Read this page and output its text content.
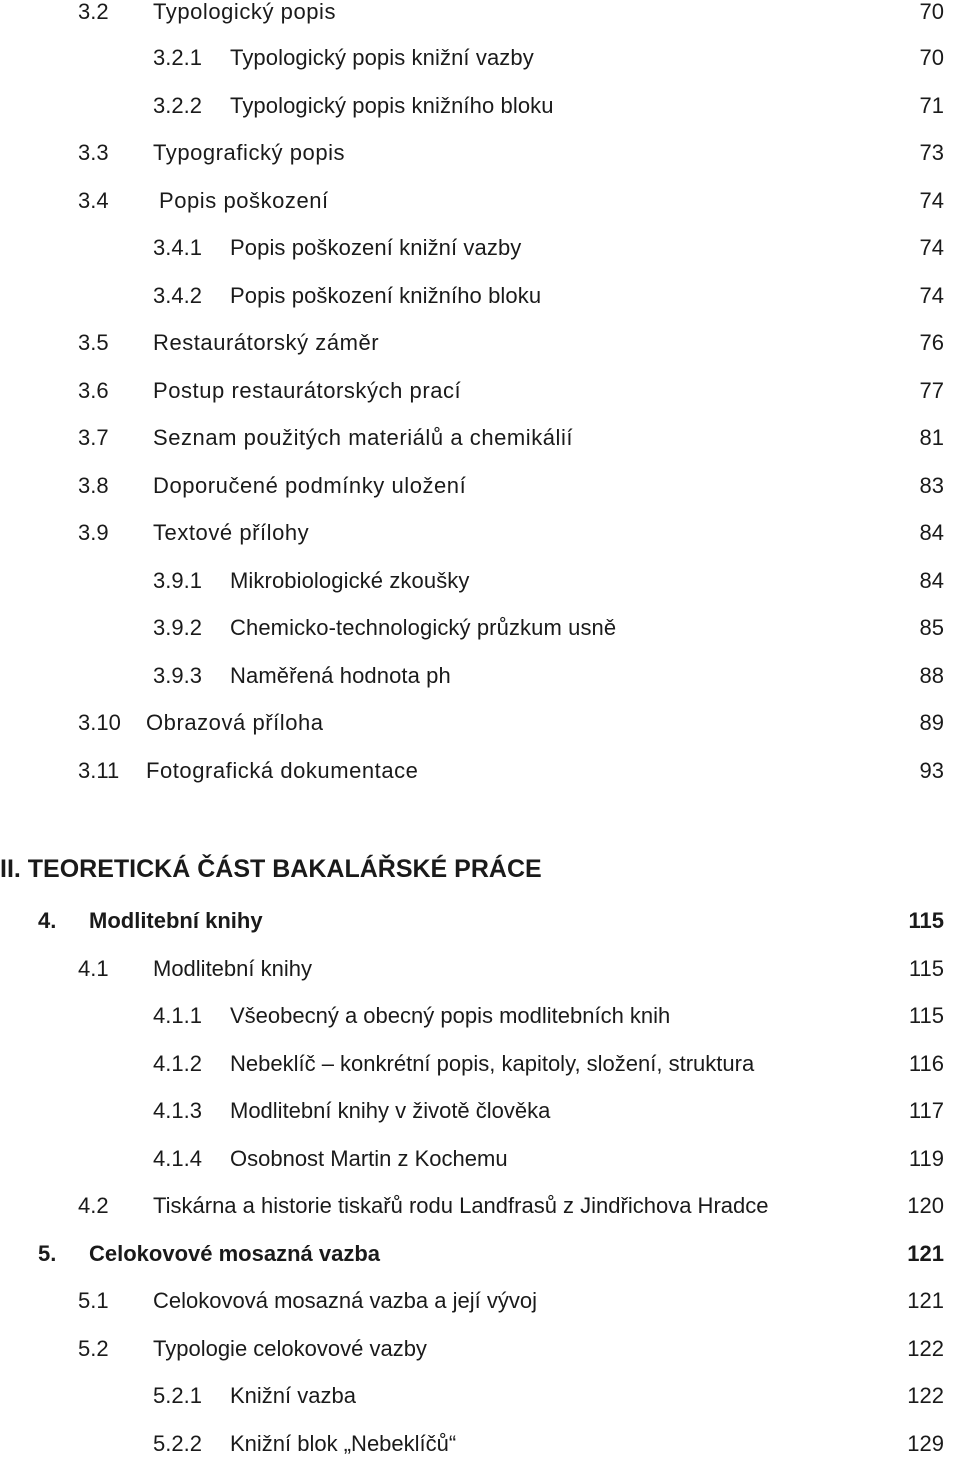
3.2 Typologický popis	70
3.2.1 Typologický popis knižní vazby	70
3.2.2 Typologický popis knižního bloku	71
3.3 Typografický popis	73
3.4 Popis poškození	74
3.4.1 Popis poškození knižní vazby	74
3.4.2 Popis poškození knižního bloku	74
3.5 Restaurátorský záměr	76
3.6 Postup restaurátorských prací	77
3.7 Seznam použitých materiálů a chemikálií	81
3.8 Doporučené podmínky uložení	83
3.9 Textové přílohy	84
3.9.1 Mikrobiologické zkoušky	84
3.9.2 Chemicko-technologický průzkum usně	85
3.9.3 Naměřená hodnota ph	88
3.10 Obrazová příloha	89
3.11 Fotografická dokumentace	93
II. TEORETICKÁ ČÁST BAKALÁŘSKÉ PRÁCE
4. Modlitební knihy	115
4.1 Modlitební knihy	115
4.1.1 Všeobecný a obecný popis modlitebních knih	115
4.1.2 Nebeklíč – konkrétní popis, kapitoly, složení, struktura	116
4.1.3 Modlitební knihy v životě člověka	117
4.1.4 Osobnost Martin z Kochemu	119
4.2 Tiskárna a historie tiskařů rodu Landfrasů z Jindřichova Hradce	120
5. Celokovové mosazná vazba	121
5.1 Celokovová mosazná vazba a její vývoj	121
5.2 Typologie celokovové vazby	122
5.2.1 Knižní vazba	122
5.2.2 Knižní blok „Nebeklíčů“	129
